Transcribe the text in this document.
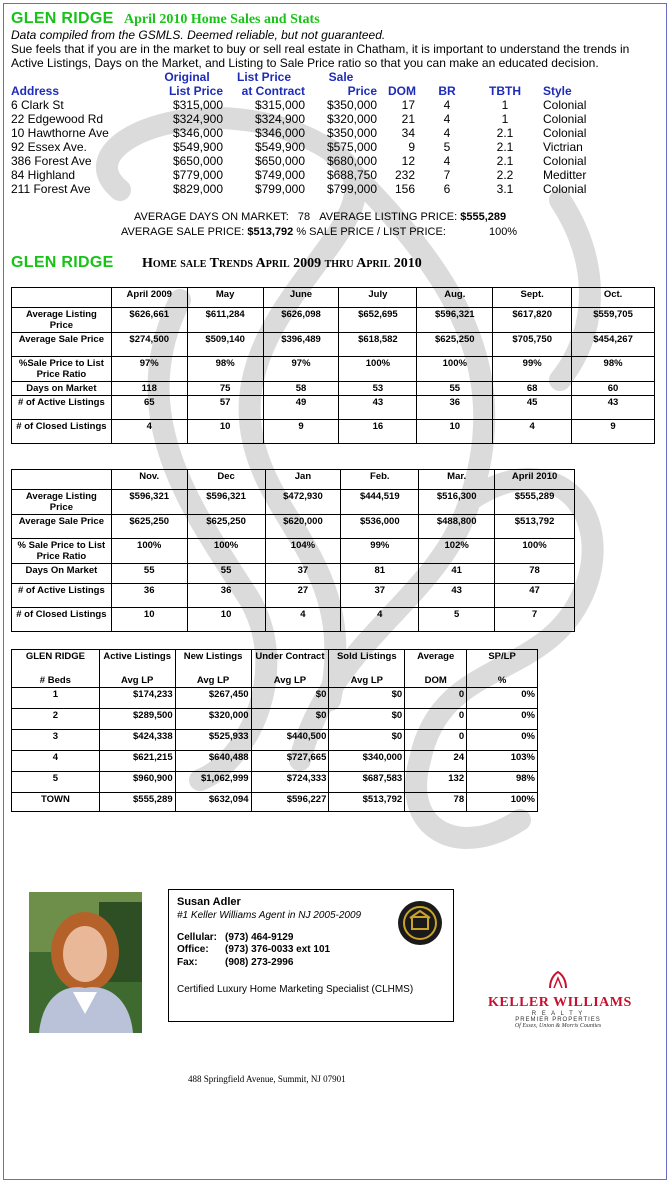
GLEN RIDGE April 2010 Home Sales and Stats
Data compiled from the GSMLS. Deemed reliable, but not guaranteed.
Sue feels that if you are in the market to buy or sell real estate in Chatham, it is important to understand the trends in
Active Listings, Days on the Market, and Listing to Sale Price ratio so that you can make an educated decision.
	Original	List Price	Sale				
Address	List Price	at Contract	Price	DOM	BR	TBTH	Style
6 Clark St	$315,000	$315,000	$350,000	17	4	1	Colonial
22 Edgewood Rd	$324,900	$324,900	$320,000	21	4	1	Colonial
10 Hawthorne Ave	$346,000	$346,000	$350,000	34	4	2.1	Colonial
92 Essex Ave.	$549,900	$549,900	$575,000	9	5	2.1	Victrian
386 Forest Ave	$650,000	$650,000	$680,000	12	4	2.1	Colonial
84 Highland	$779,000	$749,000	$688,750	232	7	2.2	Meditter
211 Forest Ave	$829,000	$799,000	$799,000	156	6	3.1	Colonial
AVERAGE DAYS ON MARKET: 78 AVERAGE LISTING PRICE: $555,289
AVERAGE SALE PRICE: $513,792 % SALE PRICE / LIST PRICE:	100%
GLEN RIDGE Home sale Trends April 2009 thru April 2010
	April 2009	May	June	July	Aug.	Sept.	Oct.
Average Listing Price	$626,661	$611,284	$626,098	$652,695	$596,321	$617,820	$559,705
Average Sale Price	$274,500	$509,140	$396,489	$618,582	$625,250	$705,750	$454,267
%Sale Price to List Price Ratio	97%	98%	97%	100%	100%	99%	98%
Days on Market	118	75	58	53	55	68	60
# of Active Listings	65	57	49	43	36	45	43
# of Closed Listings	4	10	9	16	10	4	9
	Nov.	Dec	Jan	Feb.	Mar.	April 2010
Average Listing Price	$596,321	$596,321	$472,930	$444,519	$516,300	$555,289
Average Sale Price	$625,250	$625,250	$620,000	$536,000	$488,800	$513,792
% Sale Price to List Price Ratio	100%	100%	104%	99%	102%	100%
Days On Market	55	55	37	81	41	78
# of Active Listings	36	36	27	37	43	47
# of Closed Listings	10	10	4	4	5	7
GLEN RIDGE	Active Listings	New Listings	Under Contract	Sold Listings	Average	SP/LP
# Beds	Avg LP	Avg LP	Avg LP	Avg LP	DOM	%
1	$174,233	$267,450	$0	$0	0	0%
2	$289,500	$320,000	$0	$0	0	0%
3	$424,338	$525,933	$440,500	$0	0	0%
4	$621,215	$640,488	$727,665	$340,000	24	103%
5	$960,900	$1,062,999	$724,333	$687,583	132	98%
TOWN	$555,289	$632,094	$596,227	$513,792	78	100%
Susan Adler
#1 Keller Williams Agent in NJ 2005-2009
Cellular: (973) 464-9129
Office: (973) 376-0033 ext 101
Fax:	(908) 273-2996
Certified Luxury Home Marketing Specialist (CLHMS)
KELLER WILLIAMS
R E A L T Y
PREMIER PROPERTIES
Of Essex, Union & Morris Counties
488 Springfield Avenue, Summit, NJ 07901
